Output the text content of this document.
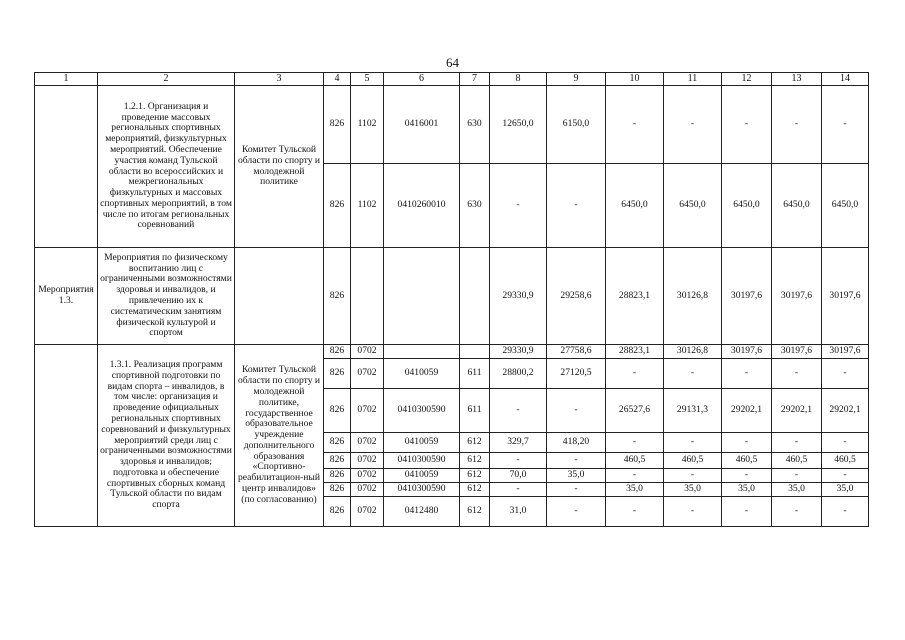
64
1	2	3	4	5	6	7	8	9	10	11	12	13	14
	1.2.1. Организация и проведение массовых региональных спортивных мероприятий, физкультурных мероприятий. Обеспечение участия команд Тульской области во всероссийских и межрегиональных физкультурных и массовых спортивных мероприятий, в том числе по итогам региональных соревнований	Комитет Тульской области по спорту и молодежной политике	826	1102	0416001	630	12650,0	6150,0	-	-	-	-	-
			826	1102	0410260010	630	-	-	6450,0	6450,0	6450,0	6450,0	6450,0
Мероприятия 1.3.	Мероприятия по физическому воспитанию лиц с ограниченными возможностями здоровья и инвалидов, и привлечению их к систематическим занятиям физической культурой и спортом		826				29330,9	29258,6	28823,1	30126,8	30197,6	30197,6	30197,6
	1.3.1. Реализация программ спортивной подготовки по видам спорта – инвалидов, в том числе: организация и проведение официальных региональных спортивных соревнований и физкультурных мероприятий среди лиц с ограниченными возможностями здоровья и инвалидов; подготовка и обеспечение спортивных сборных команд Тульской области по видам спорта	Комитет Тульской области по спорту и молодежной политике, государственное образовательное учреждение дополнительного образования «Спортивно-реабилитацион-ный центр инвалидов» (по согласованию)	826	0702			29330,9	27758,6	28823,1	30126,8	30197,6	30197,6	30197,6
			826	0702	0410059	611	28800,2	27120,5	-	-	-	-	-
			826	0702	0410300590	611	-	-	26527,6	29131,3	29202,1	29202,1	29202,1
			826	0702	0410059	612	329,7	418,20	-	-	-	-	-
			826	0702	0410300590	612	-	-	460,5	460,5	460,5	460,5	460,5
			826	0702	0410059	612	70,0	35,0	-	-	-	-	-
			826	0702	0410300590	612	-	-	35,0	35,0	35,0	35,0	35,0
			826	0702	0412480	612	31,0	-	-	-	-	-	-
